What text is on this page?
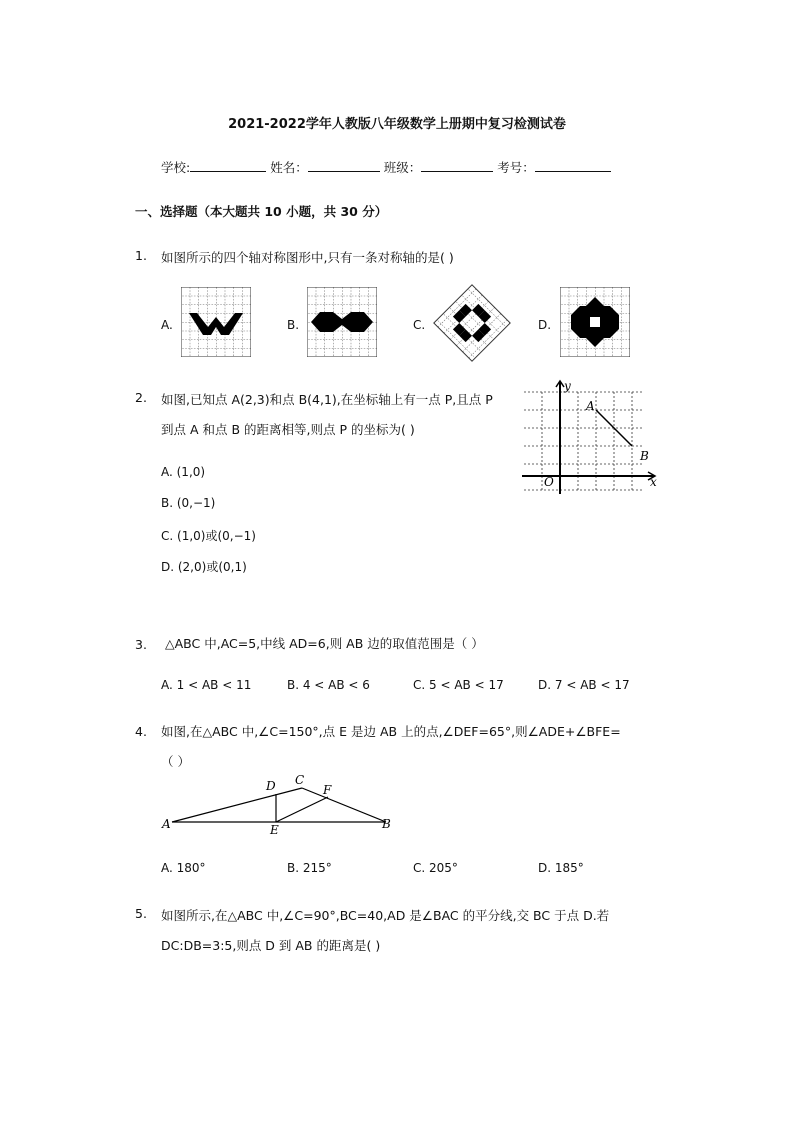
2021-2022学年人教版八年级数学上册期中复习检测试卷
学校:	姓名：	班级：	考号：
一、选择题（本大题共 10 小题，共 30 分）
1. 如图所示的四个轴对称图形中,只有一条对称轴的是( )
A.	B.	C.	D.
2. 如图,已知点 A(2,3)和点 B(4,1),在坐标轴上有一点 P,且点 P
到点 A 和点 B 的距离相等,则点 P 的坐标为( )
A. (1,0)
B. (0,−1)
C. (1,0)或(0,−1)
D. (2,0)或(0,1)
y
x
O
A
B
3. △ABC 中,AC=5,中线 AD=6,则 AB 边的取值范围是（ ）
A. 1 < AB < 11	B. 4 < AB < 6	C. 5 < AB < 17	D. 7 < AB < 17
4. 如图,在△ABC 中,∠C=150°,点 E 是边 AB 上的点,∠DEF=65°,则∠ADE+∠BFE=
（ ）
A	B
C
D
E
F
A. 180°	B. 215°	C. 205°	D. 185°
5. 如图所示,在△ABC 中,∠C=90°,BC=40,AD 是∠BAC 的平分线,交 BC 于点 D.若
DC:DB=3:5,则点 D 到 AB 的距离是( )
